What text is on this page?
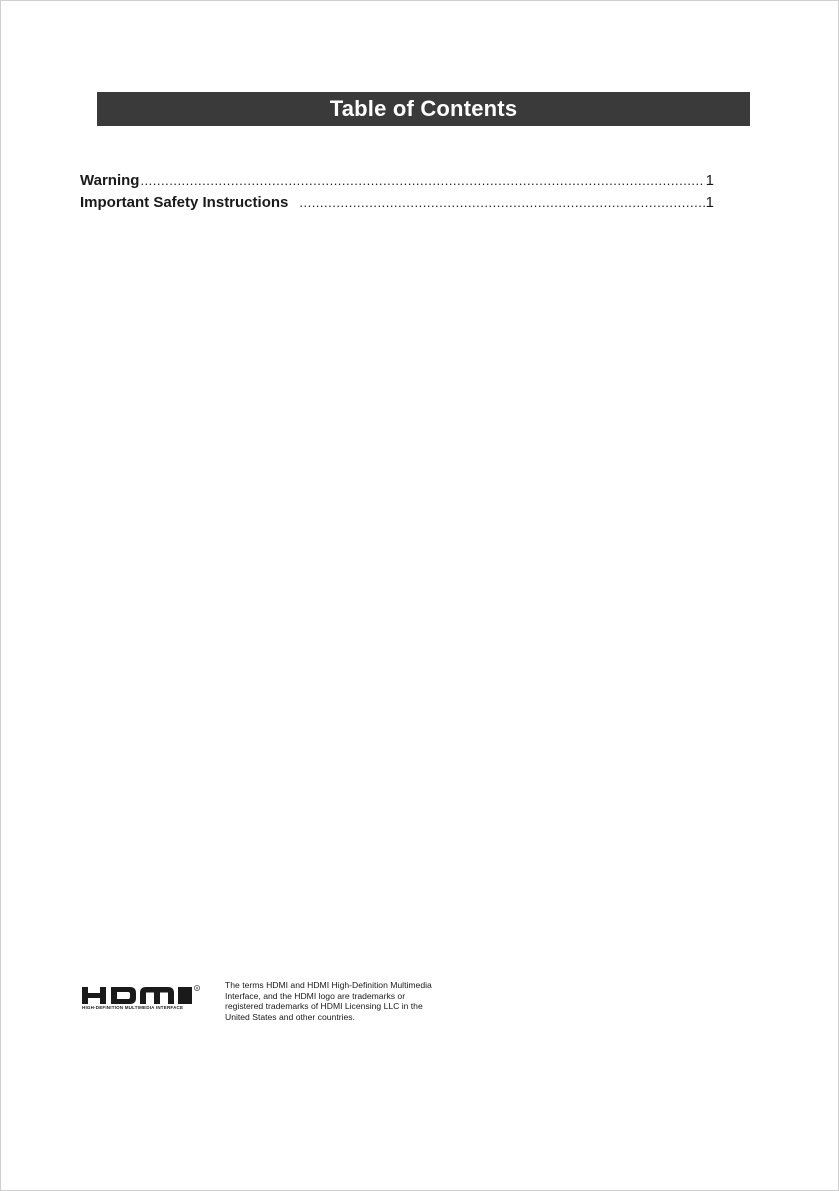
Table of Contents
Warning .....	1
Important Safety Instructions .....	1
R
HIGH-DEFINITION MULTIMEDIA INTERFACE
The terms HDMI and HDMI High-Definition Multimedia
Interface, and the HDMI logo are trademarks or
registered trademarks of HDMI Licensing LLC in the
United States and other countries.
